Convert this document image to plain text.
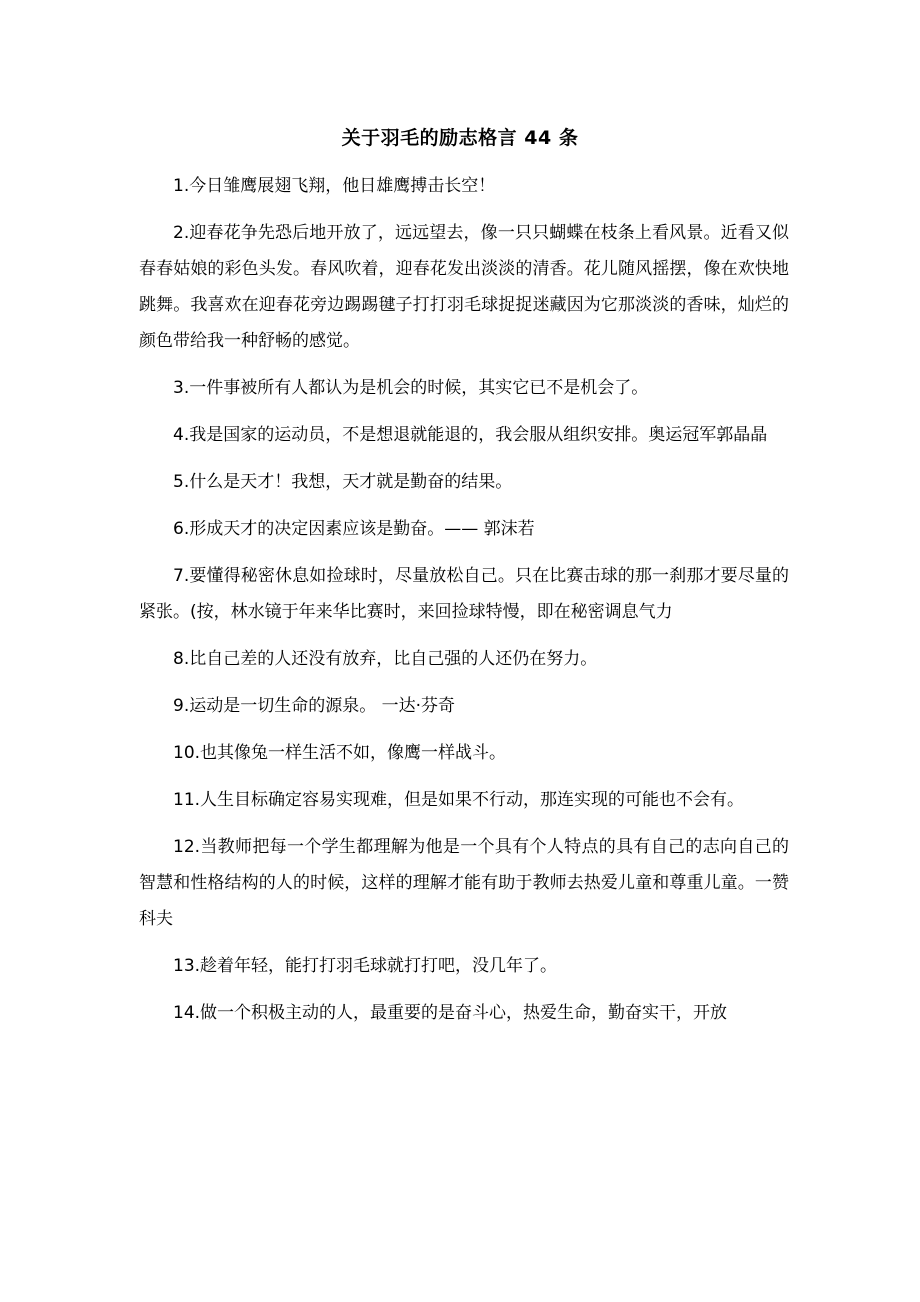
关于羽毛的励志格言 44 条

1.今日雏鹰展翅飞翔，他日雄鹰搏击长空！

2.迎春花争先恐后地开放了，远远望去，像一只只蝴蝶在枝条上看风景。近看又似春春姑娘的彩色头发。春风吹着，迎春花发出淡淡的清香。花儿随风摇摆，像在欢快地跳舞。我喜欢在迎春花旁边踢踢毽子打打羽毛球捉捉迷藏因为它那淡淡的香味，灿烂的颜色带给我一种舒畅的感觉。

3.一件事被所有人都认为是机会的时候，其实它已不是机会了。

4.我是国家的运动员，不是想退就能退的，我会服从组织安排。奥运冠军郭晶晶

5.什么是天才！我想，天才就是勤奋的结果。

6.形成天才的决定因素应该是勤奋。—— 郭沫若

7.要懂得秘密休息如捡球时，尽量放松自己。只在比赛击球的那一刹那才要尽量的紧张。(按，林水镜于年来华比赛时，来回捡球特慢，即在秘密调息气力

8.比自己差的人还没有放弃，比自己强的人还仍在努力。

9.运动是一切生命的源泉。 一达·芬奇

10.也其像兔一样生活不如，像鹰一样战斗。

11.人生目标确定容易实现难，但是如果不行动，那连实现的可能也不会有。

12.当教师把每一个学生都理解为他是一个具有个人特点的具有自己的志向自己的智慧和性格结构的人的时候，这样的理解才能有助于教师去热爱儿童和尊重儿童。一赞科夫

13.趁着年轻，能打打羽毛球就打打吧，没几年了。

14.做一个积极主动的人，最重要的是奋斗心，热爱生命，勤奋实干，开放
